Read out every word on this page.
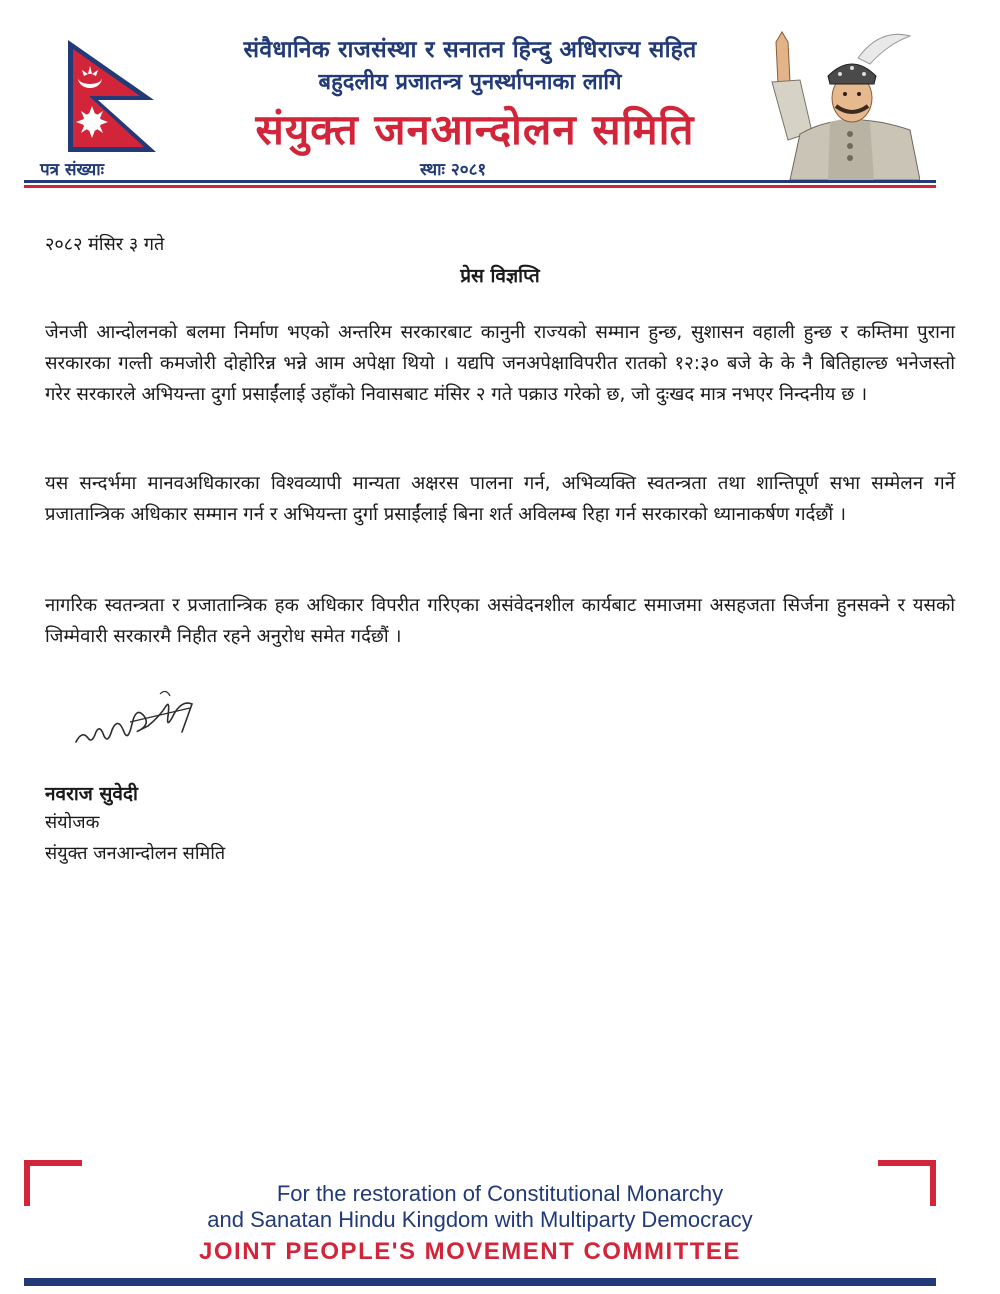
संवैधानिक राजसंस्था र सनातन हिन्दु अधिराज्य सहित
बहुदलीय प्रजातन्त्र पुनर्स्थापनाका लागि
संयुक्त जनआन्दोलन समिति
पत्र संख्याः	स्थाः २०८१
२०८२ मंसिर ३ गते
प्रेस विज्ञप्ति

जेनजी आन्दोलनको बलमा निर्माण भएको अन्तरिम सरकारबाट कानुनी राज्यको सम्मान हुन्छ, सुशासन वहाली हुन्छ र कम्तिमा पुराना सरकारका गल्ती कमजोरी दोहोरिन्न भन्ने आम अपेक्षा थियो । यद्यपि जनअपेक्षाविपरीत रातको १२:३० बजे के के नै बितिहाल्छ भनेजस्तो गरेर सरकारले अभियन्ता दुर्गा प्रसाईंलाई उहाँको निवासबाट मंसिर २ गते पक्राउ गरेको छ, जो दुःखद मात्र नभएर निन्दनीय छ ।

यस सन्दर्भमा मानवअधिकारका विश्वव्यापी मान्यता अक्षरस पालना गर्न, अभिव्यक्ति स्वतन्त्रता तथा शान्तिपूर्ण सभा सम्मेलन गर्ने प्रजातान्त्रिक अधिकार सम्मान गर्न र अभियन्ता दुर्गा प्रसाईंलाई बिना शर्त अविलम्ब रिहा गर्न सरकारको ध्यानाकर्षण गर्दछौं ।

नागरिक स्वतन्त्रता र प्रजातान्त्रिक हक अधिकार विपरीत गरिएका असंवेदनशील कार्यबाट समाजमा असहजता सिर्जना हुनसक्ने र यसको जिम्मेवारी सरकारमै निहीत रहने अनुरोध समेत गर्दछौं ।

नवराज सुवेदी
संयोजक
संयुक्त जनआन्दोलन समिति
For the restoration of Constitutional Monarchy
and Sanatan Hindu Kingdom with Multiparty Democracy
JOINT PEOPLE'S MOVEMENT COMMITTEE
